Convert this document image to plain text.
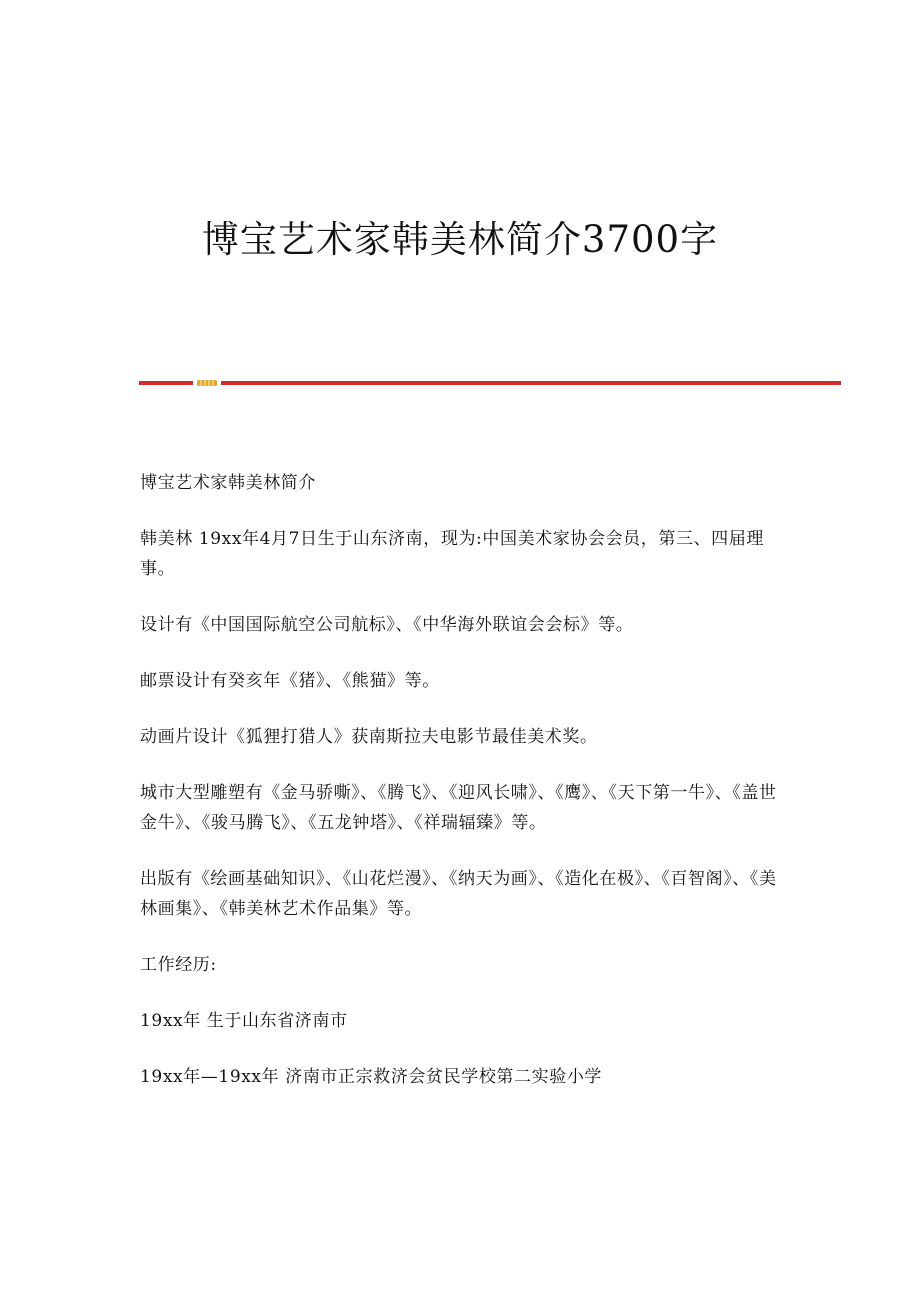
博宝艺术家韩美林简介3700字

博宝艺术家韩美林简介

韩美林 19xx年4月7日生于山东济南，现为:中国美术家协会会员，第三、四届理事。

设计有《中国国际航空公司航标》、《中华海外联谊会会标》等。

邮票设计有癸亥年《猪》、《熊猫》等。

动画片设计《狐狸打猎人》获南斯拉夫电影节最佳美术奖。

城市大型雕塑有《金马骄嘶》、《腾飞》、《迎风长啸》、《鹰》、《天下第一牛》、《盖世金牛》、《骏马腾飞》、《五龙钟塔》、《祥瑞辐臻》等。

出版有《绘画基础知识》、《山花烂漫》、《纳天为画》、《造化在极》、《百智阁》、《美林画集》、《韩美林艺术作品集》等。

工作经历:

19xx年 生于山东省济南市

19xx年—19xx年 济南市正宗救济会贫民学校第二实验小学
